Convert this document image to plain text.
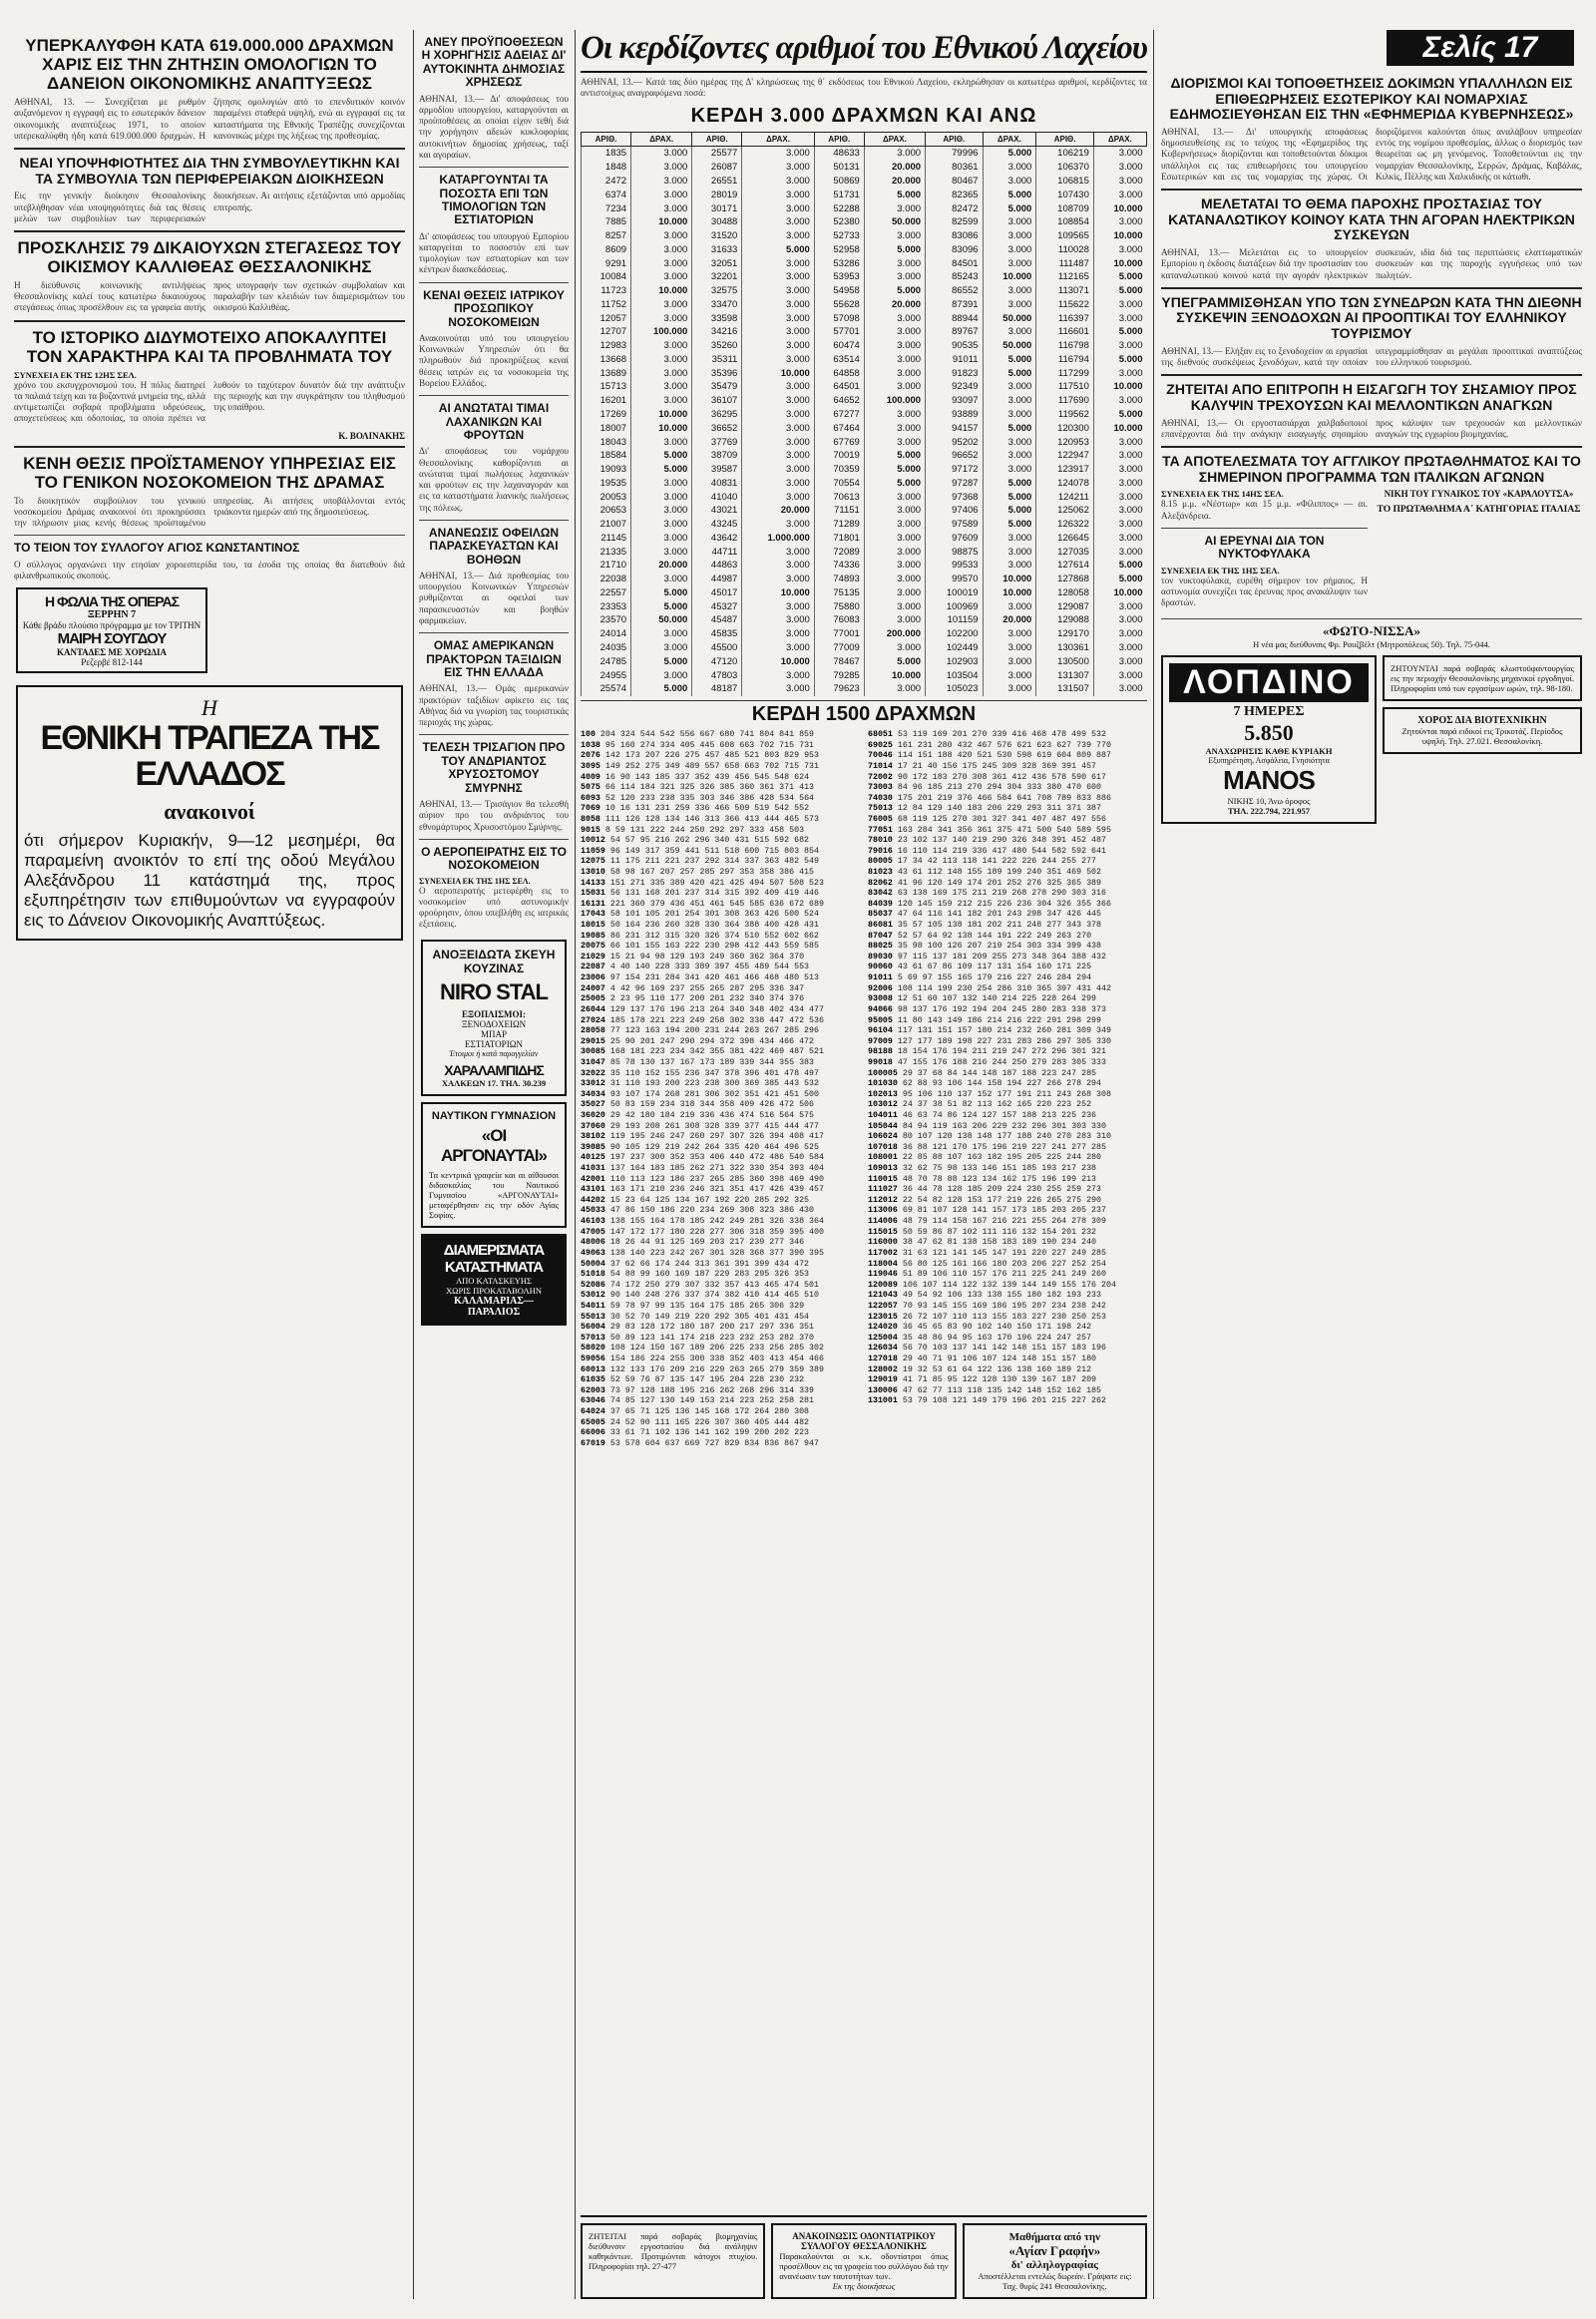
Σελίς 17
ΥΠΕΡΚΑΛΥΦΘΗ ΚΑΤΑ 619.000.000 ΔΡΑΧΜΩΝ ΧΑΡΙΣ ΕΙΣ ΤΗΝ ΖΗΤΗΣΙΝ ΟΜΟΛΟΓΙΩΝ ΤΟ ΔΑΝΕΙΟΝ ΟΙΚΟΝΟΜΙΚΗΣ ΑΝΑΠΤΥΞΕΩΣ

ΑΘΗΝΑΙ, 13. — Συνεχίζεται με ρυθμόν αυξανόμενον η εγγραφή εις το εσωτερικόν δάνειον οικονομικής αναπτύξεως 1971, το οποίον υπερεκαλύφθη ήδη κατά 619.000.000 δραχμών. Η ζήτησις ομολογιών από το επενδυτικόν κοινόν παραμένει σταθερά υψηλή, ενώ αι εγγραφαί εις τα καταστήματα της Εθνικής Τραπέζης συνεχίζονται κανονικώς μέχρι της λήξεως της προθεσμίας.

ΝΕΑΙ ΥΠΟΨΗΦΙΟΤΗΤΕΣ ΔΙΑ ΤΗΝ ΣΥΜΒΟΥΛΕΥΤΙΚΗΝ ΚΑΙ ΤΑ ΣΥΜΒΟΥΛΙΑ ΤΩΝ ΠΕΡΙΦΕΡΕΙΑΚΩΝ ΔΙΟΙΚΗΣΕΩΝ

Εις την γενικήν διοίκησιν Θεσσαλονίκης υπεβλήθησαν νέαι υποψηφιότητες διά τας θέσεις μελών των συμβουλίων των περιφερειακών διοικήσεων. Αι αιτήσεις εξετάζονται υπό αρμοδίας επιτροπής.

ΠΡΟΣΚΛΗΣΙΣ 79 ΔΙΚΑΙΟΥΧΩΝ ΣΤΕΓΑΣΕΩΣ ΤΟΥ ΟΙΚΙΣΜΟΥ ΚΑΛΛΙΘΕΑΣ ΘΕΣΣΑΛΟΝΙΚΗΣ

Η διεύθυνσις κοινωνικής αντιλήψεως Θεσσαλονίκης καλεί τους κατωτέρω δικαιούχους στεγάσεως όπως προσέλθουν εις τα γραφεία αυτής προς υπογραφήν των σχετικών συμβολαίων και παραλαβήν των κλειδιών των διαμερισμάτων του οικισμού Καλλιθέας.

ΤΟ ΙΣΤΟΡΙΚΟ ΔΙΔΥΜΟΤΕΙΧΟ ΑΠΟΚΑΛΥΠΤΕΙ ΤΟΝ ΧΑΡΑΚΤΗΡΑ ΚΑΙ ΤΑ ΠΡΟΒΛΗΜΑΤΑ ΤΟΥ
ΣΥΝΕΧΕΙΑ ΕΚ ΤΗΣ 12ΗΣ ΣΕΛ.

χρόνο του εκσυγχρονισμού του. Η πόλις διατηρεί τα παλαιά τείχη και τα βυζαντινά μνημεία της, αλλά αντιμετωπίζει σοβαρά προβλήματα υδρεύσεως, αποχετεύσεως και οδοποιίας, τα οποία πρέπει να λυθούν το ταχύτερον δυνατόν διά την ανάπτυξιν της περιοχής και την συγκράτησιν του πληθυσμού της υπαίθρου.

Κ. ΒΟΛΙΝΑΚΗΣ
ΚΕΝΗ ΘΕΣΙΣ ΠΡΟΪΣΤΑΜΕΝΟΥ ΥΠΗΡΕΣΙΑΣ ΕΙΣ ΤΟ ΓΕΝΙΚΟΝ ΝΟΣΟΚΟΜΕΙΟΝ ΤΗΣ ΔΡΑΜΑΣ

Το διοικητικόν συμβούλιον του γενικού νοσοκομείου Δράμας ανακοινοί ότι προκηρύσσει την πλήρωσιν μιας κενής θέσεως προϊσταμένου υπηρεσίας. Αι αιτήσεις υποβάλλονται εντός τριάκοντα ημερών από της δημοσιεύσεως.

ΤΟ ΤΕΙΟΝ ΤΟΥ ΣΥΛΛΟΓΟΥ ΑΓΙΟΣ ΚΩΝΣΤΑΝΤΙΝΟΣ

Ο σύλλογος οργανώνει την ετησίαν χοροεσπερίδα του, τα έσοδα της οποίας θα διατεθούν διά φιλανθρωπικούς σκοπούς.

Η ΦΩΛΙΑ ΤΗΣ ΟΠΕΡΑΣ
ΞΕΡΡΗΝ 7
Κάθε βράδυ πλούσιο πρόγραμμα με τον ΤΡΙΤΗΝ
ΜΑΙΡΗ ΣΟΥΓΔΟΥ
ΚΑΝΤΑΔΕΣ ΜΕ ΧΟΡΩΔΙΑ
Ρεζερβέ 812-144
Η
ΕΘΝΙΚΗ ΤΡΑΠΕΖΑ ΤΗΣ ΕΛΛΑΔΟΣ
ανακοινοί
ότι σήμερον Κυριακήν, 9—12 μεσημέρι, θα παραμείνη ανοικτόν το επί της οδού Μεγάλου Αλεξάνδρου 11 κατάστημά της, προς εξυπηρέτησιν των επιθυμούντων να εγγραφούν εις το Δάνειον Οικονομικής Αναπτύξεως.
ΑΝΕΥ ΠΡΟΫΠΟΘΕΣΕΩΝ Η ΧΟΡΗΓΗΣΙΣ ΑΔΕΙΑΣ ΔΙ' ΑΥΤΟΚΙΝΗΤΑ ΔΗΜΟΣΙΑΣ ΧΡΗΣΕΩΣ

ΑΘΗΝΑΙ, 13.— Δι' αποφάσεως του αρμοδίου υπουργείου, καταργούνται αι προϋποθέσεις αι οποίαι είχον τεθή διά την χορήγησιν αδειών κυκλοφορίας αυτοκινήτων δημοσίας χρήσεως, ταξί και αγοραίων.

ΚΑΤΑΡΓΟΥΝΤΑΙ ΤΑ ΠΟΣΟΣΤΑ ΕΠΙ ΤΩΝ ΤΙΜΟΛΟΓΙΩΝ ΤΩΝ ΕΣΤΙΑΤΟΡΙΩΝ

Δι' αποφάσεως του υπουργού Εμπορίου καταργείται το ποσοστόν επί των τιμολογίων των εστιατορίων και των κέντρων διασκεδάσεως.

ΚΕΝΑΙ ΘΕΣΕΙΣ ΙΑΤΡΙΚΟΥ ΠΡΟΣΩΠΙΚΟΥ ΝΟΣΟΚΟΜΕΙΩΝ

Ανακοινούται υπό του υπουργείου Κοινωνικών Υπηρεσιών ότι θα πληρωθούν διά προκηρύξεως κεναί θέσεις ιατρών εις τα νοσοκομεία της Βορείου Ελλάδος.

ΑΙ ΑΝΩΤΑΤΑΙ ΤΙΜΑΙ ΛΑΧΑΝΙΚΩΝ ΚΑΙ ΦΡΟΥΤΩΝ

Δι' αποφάσεως του νομάρχου Θεσσαλονίκης καθορίζονται αι ανώταται τιμαί πωλήσεως λαχανικών και φρούτων εις την λαχαναγοράν και εις τα καταστήματα λιανικής πωλήσεως της πόλεως.

ΑΝΑΝΕΩΣΙΣ ΟΦΕΙΛΩΝ ΠΑΡΑΣΚΕΥΑΣΤΩΝ ΚΑΙ ΒΟΗΘΩΝ

ΑΘΗΝΑΙ, 13.— Διά προθεσμίας του υπουργείου Κοινωνικών Υπηρεσιών ρυθμίζονται αι οφειλαί των παρασκευαστών και βοηθών φαρμακείων.

ΟΜΑΣ ΑΜΕΡΙΚΑΝΩΝ ΠΡΑΚΤΟΡΩΝ ΤΑΞΙΔΙΩΝ ΕΙΣ ΤΗΝ ΕΛΛΑΔΑ

ΑΘΗΝΑΙ, 13.— Ομάς αμερικανών πρακτόρων ταξιδίων αφίκετο εις τας Αθήνας διά να γνωρίση τας τουριστικάς περιοχάς της χώρας.

ΤΕΛΕΣΗ ΤΡΙΣΑΓΙΟΝ ΠΡΟ ΤΟΥ ΑΝΔΡΙΑΝΤΟΣ ΧΡΥΣΟΣΤΟΜΟΥ ΣΜΥΡΝΗΣ

ΑΘΗΝΑΙ, 13.— Τρισάγιον θα τελεσθή αύριον προ του ανδριάντος του εθνομάρτυρος Χρυσοστόμου Σμύρνης.

Ο ΑΕΡΟΠΕΙΡΑΤΗΣ ΕΙΣ ΤΟ ΝΟΣΟΚΟΜΕΙΟΝ
ΣΥΝΕΧΕΙΑ ΕΚ ΤΗΣ 1ΗΣ ΣΕΛ.

Ο αεροπειρατής μετεφέρθη εις το νοσοκομείον υπό αστυνομικήν φρούρησιν, όπου υπεβλήθη εις ιατρικάς εξετάσεις.

ΑΝΟΞΕΙΔΩΤΑ ΣΚΕΥΗ
ΚΟΥΖΙΝΑΣ
NIRO STAL
ΕΞΟΠΛΙΣΜΟΙ:
ΞΕΝΟΔΟΧΕΙΩΝ
ΜΠΑΡ
ΕΣΤΙΑΤΟΡΙΩΝ
Έτοιμοι ή κατά παραγγελίαν
ΧΑΡΑΛΑΜΠΙΔΗΣ
ΧΑΛΚΕΩΝ 17. ΤΗΛ. 30.239
ΝΑΥΤΙΚΟΝ ΓΥΜΝΑΣΙΟΝ
«ΟΙ ΑΡΓΟΝΑΥΤΑΙ»
Τα κεντρικά γραφεία και αι αίθουσαι διδασκαλίας του Ναυτικού Γυμνασίου «ΑΡΓΟΝΑΥΤΑΙ» μεταφέρθησαν εις την οδόν Αγίας Σοφίας.
ΔΙΑΜΕΡΙΣΜΑΤΑ
ΚΑΤΑΣΤΗΜΑΤΑ
ΑΠΟ ΚΑΤΑΣΚΕΥΗΣ
ΧΩΡΙΣ ΠΡΟΚΑΤΑΒΟΛΗΝ
ΚΑΛΑΜΑΡΙΑΣ—ΠΑΡΑΛΙΟΣ
Οι κερδίζοντες αριθμοί του Εθνικού Λαχείου

ΑΘΗΝΑΙ, 13.— Κατά τας δύο ημέρας της Δ' κληρώσεως της θ΄ εκδόσεως του Εθνικού Λαχείου, εκληρώθησαν οι κατωτέρω αριθμοί, κερδίζοντες τα αντιστοίχως αναγραφόμενα ποσά:

ΚΕΡΔΗ 3.000 ΔΡΑΧΜΩΝ ΚΑΙ ΑΝΩ
ΑΡΙΘ.	ΔΡΑΧ.	ΑΡΙΘ.	ΔΡΑΧ.	ΑΡΙΘ.	ΔΡΑΧ.	ΑΡΙΘ.	ΔΡΑΧ.	ΑΡΙΘ.	ΔΡΑΧ.
1835	3.000	25577	3.000	48633	3.000	79996	5.000	106219	3.000
1848	3.000	26087	3.000	50131	20.000	80361	3.000	106370	3.000
2472	3.000	26551	3.000	50869	20.000	80467	3.000	106815	3.000
6374	3.000	28019	3.000	51731	5.000	82365	5.000	107430	3.000
7234	3.000	30171	3.000	52288	3.000	82472	5.000	108709	10.000
7885	10.000	30488	3.000	52380	50.000	82599	3.000	108854	3.000
8257	3.000	31520	3.000	52733	3.000	83086	3.000	109565	10.000
8609	3.000	31633	5.000	52958	5.000	83096	3.000	110028	3.000
9291	3.000	32051	3.000	53286	3.000	84501	3.000	111487	10.000
10084	3.000	32201	3.000	53953	3.000	85243	10.000	112165	5.000
11723	10.000	32575	3.000	54958	5.000	86552	3.000	113071	5.000
11752	3.000	33470	3.000	55628	20.000	87391	3.000	115622	3.000
12057	3.000	33598	3.000	57098	3.000	88944	50.000	116397	3.000
12707	100.000	34216	3.000	57701	3.000	89767	3.000	116601	5.000
12983	3.000	35260	3.000	60474	3.000	90535	50.000	116798	3.000
13668	3.000	35311	3.000	63514	3.000	91011	5.000	116794	5.000
13689	3.000	35396	10.000	64858	3.000	91823	5.000	117299	3.000
15713	3.000	35479	3.000	64501	3.000	92349	3.000	117510	10.000
16201	3.000	36107	3.000	64652	100.000	93097	3.000	117690	3.000
17269	10.000	36295	3.000	67277	3.000	93889	3.000	119562	5.000
18007	10.000	36652	3.000	67464	3.000	94157	5.000	120300	10.000
18043	3.000	37769	3.000	67769	3.000	95202	3.000	120953	3.000
18584	5.000	38709	3.000	70019	5.000	96652	3.000	122947	3.000
19093	5.000	39587	3.000	70359	5.000	97172	3.000	123917	3.000
19535	3.000	40831	3.000	70554	5.000	97287	5.000	124078	3.000
20053	3.000	41040	3.000	70613	3.000	97368	5.000	124211	3.000
20653	3.000	43021	20.000	71151	3.000	97406	5.000	125062	3.000
21007	3.000	43245	3.000	71289	3.000	97589	5.000	126322	3.000
21145	3.000	43642	1.000.000	71801	3.000	97609	3.000	126645	3.000
21335	3.000	44711	3.000	72089	3.000	98875	3.000	127035	3.000
21710	20.000	44863	3.000	74336	3.000	99533	3.000	127614	5.000
22038	3.000	44987	3.000	74893	3.000	99570	10.000	127868	5.000
22557	5.000	45017	10.000	75135	3.000	100019	10.000	128058	10.000
23353	5.000	45327	3.000	75880	3.000	100969	3.000	129087	3.000
23570	50.000	45487	3.000	76083	3.000	101159	20.000	129088	3.000
24014	3.000	45835	3.000	77001	200.000	102200	3.000	129170	3.000
24035	3.000	45500	3.000	77009	3.000	102449	3.000	130361	3.000
24785	5.000	47120	10.000	78467	5.000	102903	3.000	130500	3.000
24955	3.000	47803	3.000	79285	10.000	103504	3.000	131307	3.000
25574	5.000	48187	3.000	79623	3.000	105023	3.000	131507	3.000
ΚΕΡΔΗ 1500 ΔΡΑΧΜΩΝ
100 204 324 544 542 556 667 680 741 804 841 859
1038 95 160 274 334 405 445 608 663 702 715 731
2076 142 173 207 226 275 457 485 521 803 829 953
3095 149 252 275 349 489 557 658 663 702 715 731
4009 16 90 143 185 337 352 439 456 545 548 624
5075 66 114 184 321 325 326 385 360 361 371 413
6093 52 120 233 238 335 303 346 386 428 534 564
7069 10 16 131 231 259 336 466 509 519 542 552
8058 111 126 128 134 146 313 366 413 444 465 573
9015 8 59 131 222 244 250 292 297 333 458 503
10012 54 57 95 216 262 296 340 431 515 592 682
11059 96 149 317 359 441 511 518 600 715 803 854
12075 11 175 211 221 237 292 314 337 363 482 549
13010 58 98 167 207 257 285 297 353 358 386 415
14133 151 271 335 389 420 421 425 494 507 508 523
15031 56 131 168 201 237 314 315 392 409 419 446
16131 221 360 379 436 451 461 545 585 636 672 689
17043 58 101 105 201 254 301 308 363 426 500 524
18015 50 164 236 260 328 330 364 388 400 428 431
19085 86 231 312 315 320 326 374 510 552 602 662
20075 66 101 155 163 222 230 298 412 443 559 585
21029 15 21 94 98 129 193 249 360 362 364 370
22087 4 40 140 228 333 389 397 455 489 544 553
23006 97 154 231 284 341 420 461 466 468 480 513
24007 4 42 96 169 237 255 265 287 295 336 347
25005 2 23 95 110 177 200 201 232 340 374 376
26044 129 137 176 196 213 264 340 348 402 434 477
27024 185 178 221 223 249 258 302 338 447 472 536
28058 77 123 163 194 200 231 244 263 267 285 296
29015 25 90 201 247 290 294 372 398 434 466 472
30085 168 181 223 234 342 355 381 422 469 487 521
31047 85 78 130 137 167 173 189 339 344 355 383
32022 35 110 152 155 236 347 378 396 401 478 497
33012 31 110 193 200 223 238 300 369 385 443 532
34034 93 107 174 268 281 306 302 351 421 451 500
35027 50 83 159 234 318 344 358 409 426 472 506
36020 29 42 180 184 219 336 436 474 516 564 575
37060 29 193 208 261 308 328 339 377 415 444 477
38102 119 195 246 247 260 297 307 326 394 408 417
39085 90 105 129 219 242 264 335 420 464 496 525
40125 197 237 300 352 353 406 440 472 486 540 584
41031 137 164 183 185 262 271 322 330 354 393 404
42001 110 113 123 186 237 265 285 360 398 469 490
43101 163 171 210 236 246 321 351 417 426 439 457
44202 15 23 64 125 134 167 192 220 285 292 325
45033 47 86 150 186 220 234 269 308 323 386 430
46103 138 155 164 178 185 242 249 281 326 338 364
47005 147 172 177 180 228 277 306 318 359 395 400
48006 18 26 44 91 125 169 203 217 239 277 346
49063 138 140 223 242 267 301 328 368 377 390 395
50004 37 62 66 174 244 313 361 391 399 434 472
51018 54 88 99 160 169 187 229 283 295 326 353
52086 74 172 250 279 307 332 357 413 465 474 501
53012 90 140 248 276 337 374 382 410 414 465 510
54011 59 78 97 99 135 164 175 185 265 306 329
55013 30 52 70 149 219 220 292 305 401 431 454
56004 29 83 128 172 180 187 200 217 297 336 351
57013 50 89 123 141 174 218 223 232 253 282 370
58020 108 124 150 167 189 206 225 233 256 285 302
59056 154 186 224 255 300 338 352 403 413 454 466
60013 132 133 176 209 216 229 263 265 279 359 389
61035 52 59 76 87 135 147 195 204 228 230 232
62003 73 97 128 188 195 216 262 268 296 314 339
63046 74 85 127 130 149 153 214 223 252 258 281
64024 37 65 71 125 136 145 168 172 264 280 308
65005 24 52 90 111 165 226 307 360 405 444 482
66006 33 61 71 102 136 141 162 199 200 202 223
67019 53 578 604 637 669 727 829 834 836 867 947
68051 53 119 169 201 270 339 416 468 478 499 532
69025 161 231 280 432 467 576 621 623 627 739 770
70046 114 151 188 420 521 530 598 619 604 809 887
71014 17 21 40 156 175 245 309 328 369 391 457
72002 90 172 183 270 308 361 412 436 578 590 617
73003 84 96 185 213 270 294 304 333 380 470 600
74030 175 201 219 376 466 584 641 708 789 833 886
75013 12 84 129 140 183 206 229 293 311 371 387
76005 68 119 125 270 301 327 341 407 487 497 556
77051 163 284 341 356 361 375 471 500 540 589 595
78010 23 102 137 140 219 290 326 348 391 452 487
79016 16 110 114 219 336 417 480 544 582 592 641
80005 17 34 42 113 118 141 222 226 244 255 277
81023 43 61 112 148 155 189 199 240 351 469 502
82062 41 96 120 149 174 201 252 276 325 365 389
83042 63 138 169 175 211 219 268 278 290 303 316
84039 120 145 159 212 215 226 236 304 326 355 366
85037 47 64 116 141 182 201 243 298 347 426 445
86081 35 57 105 138 181 202 211 248 277 343 378
87047 52 57 64 92 138 144 191 222 249 263 270
88025 35 98 100 126 207 219 254 303 334 399 438
89030 97 115 137 181 209 255 273 348 364 388 432
90060 43 61 67 86 109 117 131 154 160 171 225
91011 5 69 97 155 165 179 216 227 246 284 294
92006 108 114 199 230 254 286 310 365 397 431 442
93008 12 51 60 107 132 140 214 225 228 264 299
94066 98 137 176 192 194 204 245 280 283 338 373
95005 11 80 143 149 186 214 216 222 291 298 299
96104 117 131 151 157 180 214 232 260 281 309 349
97009 127 177 189 198 227 231 283 286 297 305 330
98188 18 154 176 194 211 219 247 272 296 301 321
99018 47 155 176 188 216 244 250 279 283 305 333
100005 29 37 68 84 144 148 187 188 223 247 285
101030 62 88 93 106 144 158 194 227 266 278 294
102013 95 106 110 137 152 177 191 211 243 268 308
103012 24 37 38 51 82 113 162 165 220 223 252
104011 46 63 74 86 124 127 157 188 213 225 236
105044 84 94 119 163 206 229 232 296 301 303 330
106024 80 107 120 138 148 177 188 240 270 283 310
107018 36 88 121 170 175 196 219 227 241 277 285
108001 22 85 88 107 163 182 195 205 225 244 280
109013 32 62 75 98 133 146 151 185 193 217 238
110015 48 70 78 88 123 134 162 175 196 199 213
111027 36 44 78 128 185 209 224 230 255 259 273
112012 22 54 82 128 153 177 219 226 265 275 290
113006 69 81 107 128 141 157 173 185 203 205 237
114006 48 79 114 158 167 216 221 255 264 278 309
115015 50 59 86 87 102 111 116 132 154 201 232
116000 38 47 62 81 138 158 183 189 190 234 240
117002 31 63 121 141 145 147 191 220 227 249 285
118004 56 80 125 161 166 180 203 206 227 252 254
119046 51 89 106 110 157 176 211 225 241 249 260
120089 106 107 114 122 132 139 144 149 155 176 204
121043 49 54 92 106 133 138 155 180 182 193 233
122057 70 93 145 155 169 186 195 207 234 238 242
123015 26 72 107 110 113 155 183 227 230 250 253
124020 36 45 65 83 90 102 140 150 171 198 242
125004 35 48 86 94 95 163 170 196 224 247 257
126034 56 70 103 137 141 142 148 151 157 183 196
127018 29 40 71 91 106 107 124 148 151 157 180
128002 19 32 53 61 64 122 136 138 160 189 212
129019 41 71 85 95 122 128 130 139 167 187 209
130006 47 62 77 113 118 135 142 148 152 162 185
131001 53 79 108 121 149 179 196 201 215 227 262
ΖΗΤΕΙΤΑΙ παρά σοβαράς βιομηχανίας διεύθυνσιν εργοστασίου διά ανάληψιν καθηκόντων. Προτιμώνται κάτοχοι πτυχίου. Πληροφορίαι τηλ. 27-477
ΑΝΑΚΟΙΝΩΣΙΣ ΟΔΟΝΤΙΑΤΡΙΚΟΥ ΣΥΛΛΟΓΟΥ ΘΕΣΣΑΛΟΝΙΚΗΣ
Παρακαλούνται οι κ.κ. οδοντίατροι όπως προσέλθουν εις τα γραφεία του συλλόγου διά την ανανέωσιν των ταυτοτήτων των.
Εκ της διοικήσεως
Μαθήματα από την
«Αγίαν Γραφήν»
δι' αλληλογραφίας
Αποστέλλεται εντελώς δωρεάν. Γράψατε εις: Ταχ. θυρίς 241 Θεσσαλονίκης.
ΔΙΟΡΙΣΜΟΙ ΚΑΙ ΤΟΠΟΘΕΤΗΣΕΙΣ ΔΟΚΙΜΩΝ ΥΠΑΛΛΗΛΩΝ ΕΙΣ ΕΠΙΘΕΩΡΗΣΕΙΣ ΕΣΩΤΕΡΙΚΟΥ ΚΑΙ ΝΟΜΑΡΧΙΑΣ ΕΔΗΜΟΣΙΕΥΘΗΣΑΝ ΕΙΣ ΤΗΝ «ΕΦΗΜΕΡΙΔΑ ΚΥΒΕΡΝΗΣΕΩΣ»

ΑΘΗΝΑΙ, 13.— Δι' υπουργικής αποφάσεως δημοσιευθείσης εις το τεύχος της «Εφημερίδος της Κυβερνήσεως» διορίζονται και τοποθετούνται δόκιμοι υπάλληλοι εις τας επιθεωρήσεις του υπουργείου Εσωτερικών και εις τας νομαρχίας της χώρας. Οι διοριζόμενοι καλούνται όπως αναλάβουν υπηρεσίαν εντός της νομίμου προθεσμίας, άλλως ο διορισμός των θεωρείται ως μη γενόμενος. Τοποθετούνται εις την νομαρχίαν Θεσσαλονίκης, Σερρών, Δράμας, Καβάλας, Κιλκίς, Πέλλης και Χαλκιδικής οι κάτωθι.

ΜΕΛΕΤΑΤΑΙ ΤΟ ΘΕΜΑ ΠΑΡΟΧΗΣ ΠΡΟΣΤΑΣΙΑΣ ΤΟΥ ΚΑΤΑΝΑΛΩΤΙΚΟΥ ΚΟΙΝΟΥ ΚΑΤΑ ΤΗΝ ΑΓΟΡΑΝ ΗΛΕΚΤΡΙΚΩΝ ΣΥΣΚΕΥΩΝ

ΑΘΗΝΑΙ, 13.— Μελετάται εις το υπουργείον Εμπορίου η έκδοσις διατάξεων διά την προστασίαν του καταναλωτικού κοινού κατά την αγοράν ηλεκτρικών συσκευών, ιδία διά τας περιπτώσεις ελαττωματικών συσκευών και της παροχής εγγυήσεως υπό των πωλητών.

ΥΠΕΓΡΑΜΜΙΣΘΗΣΑΝ ΥΠΟ ΤΩΝ ΣΥΝΕΔΡΩΝ ΚΑΤΑ ΤΗΝ ΔΙΕΘΝΗ ΣΥΣΚΕΨΙΝ ΞΕΝΟΔΟΧΩΝ ΑΙ ΠΡΟΟΠΤΙΚΑΙ ΤΟΥ ΕΛΛΗΝΙΚΟΥ ΤΟΥΡΙΣΜΟΥ

ΑΘΗΝΑΙ, 13.— Ελήξαν εις το ξενοδοχείον αι εργασίαι της διεθνούς συσκέψεως ξενοδόχων, κατά την οποίαν υπεγραμμίσθησαν αι μεγάλαι προοπτικαί αναπτύξεως του ελληνικού τουρισμού.

ΖΗΤΕΙΤΑΙ ΑΠΟ ΕΠΙΤΡΟΠΗ Η ΕΙΣΑΓΩΓΗ ΤΟΥ ΣΗΣΑΜΙΟΥ ΠΡΟΣ ΚΑΛΥΨΙΝ ΤΡΕΧΟΥΣΩΝ ΚΑΙ ΜΕΛΛΟΝΤΙΚΩΝ ΑΝΑΓΚΩΝ

ΑΘΗΝΑΙ, 13.— Οι εργοστασιάρχαι χαλβαδοποιοί επανέρχονται διά την ανάγκην εισαγωγής σησαμίου προς κάλυψιν των τρεχουσών και μελλοντικών αναγκών της εγχωρίου βιομηχανίας.

ΤΑ ΑΠΟΤΕΛΕΣΜΑΤΑ ΤΟΥ ΑΓΓΛΙΚΟΥ ΠΡΩΤΑΘΛΗΜΑΤΟΣ ΚΑΙ ΤΟ ΣΗΜΕΡΙΝΟΝ ΠΡΟΓΡΑΜΜΑ ΤΩΝ ΙΤΑΛΙΚΩΝ ΑΓΩΝΩΝ
ΣΥΝΕΧΕΙΑ ΕΚ ΤΗΣ 14ΗΣ ΣΕΛ.

8.15 μ.μ. «Νέστωρ» και 15 μ.μ. «Φίλιππος» — αι. Αλεξάνδρεια.

ΑΙ ΕΡΕΥΝΑΙ ΔΙΑ ΤΟΝ ΝΥΚΤΟΦΥΛΑΚΑ
ΣΥΝΕΧΕΙΑ ΕΚ ΤΗΣ 1ΗΣ ΣΕΛ.

τον νυκτοφύλακα, ευρέθη σήμερον τον ρήμαιος. Η αστυνομία συνεχίζει τας έρευνας προς ανακάλυψιν των δραστών.

ΝΙΚΗ ΤΟΥ ΓΥΝΑΙΚΟΣ ΤΟΥ «ΚΑΡΑΛΟΥΤΣΑ»
ΤΟ ΠΡΩΤΑΘΛΗΜΑ Α΄ ΚΑΤΗΓΟΡΙΑΣ ΙΤΑΛΙΑΣ
«ΦΩΤΟ-ΝΙΣΣΑ»
Η νέα μας διεύθυνσις Φρ. Ρουζβέλτ (Μητροπόλεως 50). Τηλ. 75-044.
ΛΟΠΔΙΝΟ
7 ΗΜΕΡΕΣ
5.850
ΑΝΑΧΩΡΗΣΙΣ ΚΑΘΕ ΚΥΡΙΑΚΗ
Εξυπηρέτηση, Ασφάλεια, Γνησιότητα
MANOS
ΝΙΚΗΣ 10, Άνω όροφος
ΤΗΛ. 222.794, 221.957
ΖΗΤΟΥΝΤΑΙ παρά σοβαράς κλωστοϋφαντουργίας εις την περιοχήν Θεσσαλονίκης μηχανικοί εργοδηγοί. Πληροφορίαι υπό των εργασίμων ωρών, τηλ. 98-180.
ΧΟΡΟΣ ΔΙΑ ΒΙΟΤΕΧΝΙΚΗΝ
Ζητούνται παρά ειδικοί εις Τρικοτάζ. Περίοδος υψηλή. Τηλ. 27.021. Θεσσαλονίκη.
